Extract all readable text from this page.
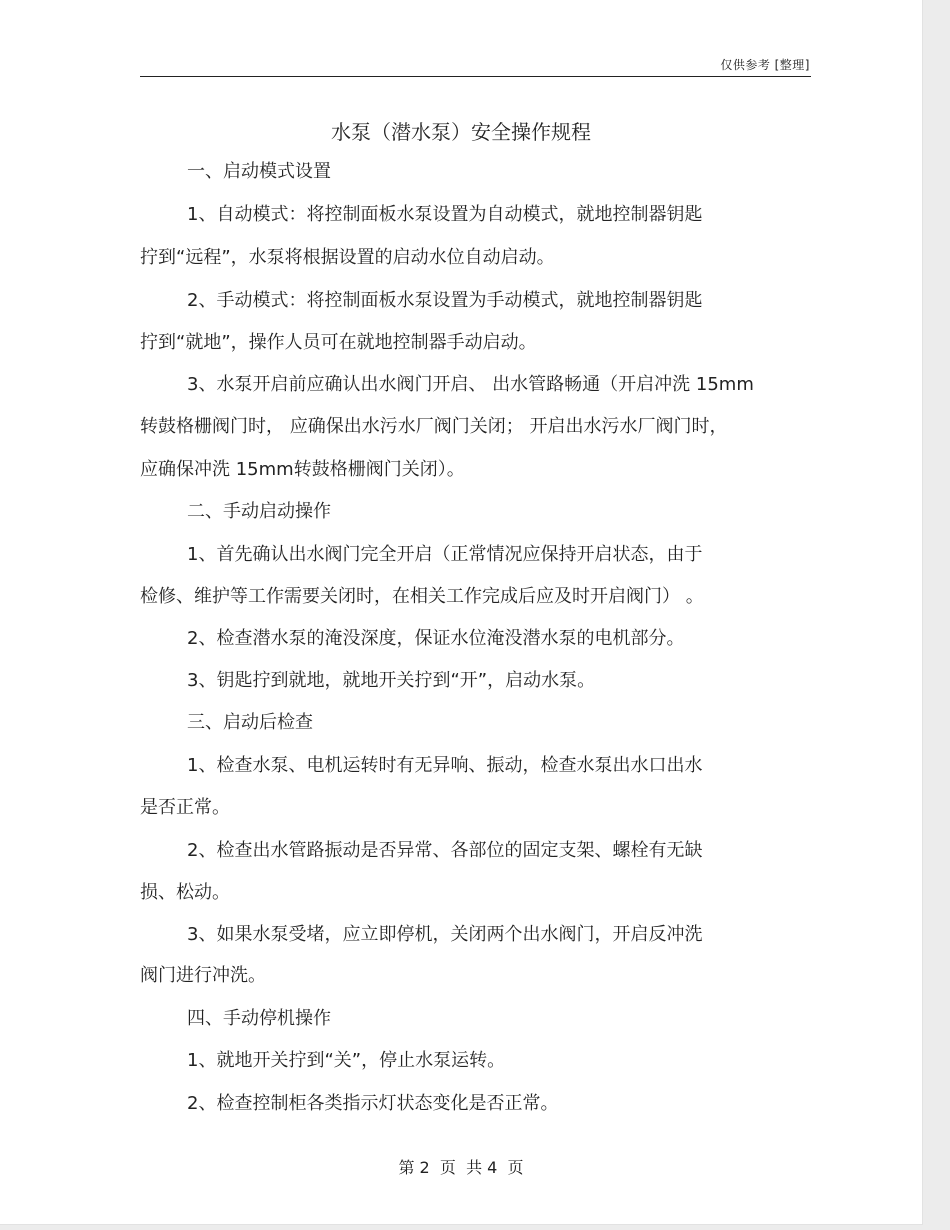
仅供参考 [整理]
水泵（潜水泵）安全操作规程
一、启动模式设置
1、自动模式：将控制面板水泵设置为自动模式，就地控制器钥匙
拧到“远程”，水泵将根据设置的启动水位自动启动。
2、手动模式：将控制面板水泵设置为手动模式，就地控制器钥匙
拧到“就地”，操作人员可在就地控制器手动启动。
3、水泵开启前应确认出水阀门开启、 出水管路畅通（开启冲洗 15mm
转鼓格栅阀门时， 应确保出水污水厂阀门关闭； 开启出水污水厂阀门时，
应确保冲洗 15mm转鼓格栅阀门关闭）。
二、手动启动操作
1、首先确认出水阀门完全开启（正常情况应保持开启状态，由于
检修、维护等工作需要关闭时，在相关工作完成后应及时开启阀门） 。
2、检查潜水泵的淹没深度，保证水位淹没潜水泵的电机部分。
3、钥匙拧到就地，就地开关拧到“开”，启动水泵。
三、启动后检查
1、检查水泵、电机运转时有无异响、振动，检查水泵出水口出水
是否正常。
2、检查出水管路振动是否异常、各部位的固定支架、螺栓有无缺
损、松动。
3、如果水泵受堵，应立即停机，关闭两个出水阀门，开启反冲洗
阀门进行冲洗。
四、手动停机操作
1、就地开关拧到“关”，停止水泵运转。
2、检查控制柜各类指示灯状态变化是否正常。
第 2  页  共 4  页
